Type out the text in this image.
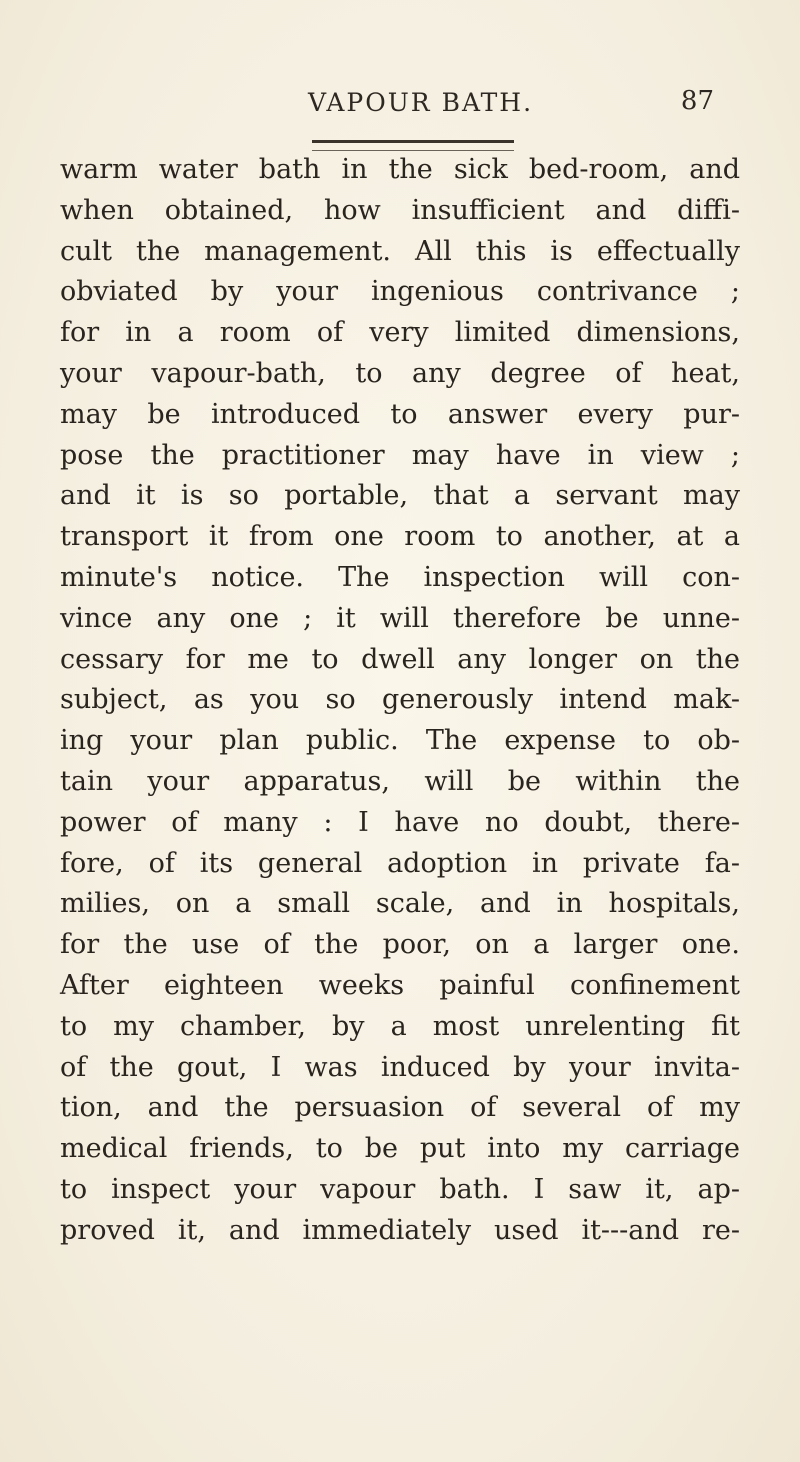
VAPOUR BATH.	87
warm water bath in the sick bed-room, and
when obtained, how insufficient and diffi-
cult the management. All this is effectually
obviated by your ingenious contrivance ;
for in a room of very limited dimensions,
your vapour-bath, to any degree of heat,
may be introduced to answer every pur-
pose the practitioner may have in view ;
and it is so portable, that a servant may
transport it from one room to another, at a
minute's notice. The inspection will con-
vince any one ; it will therefore be unne-
cessary for me to dwell any longer on the
subject, as you so generously intend mak-
ing your plan public. The expense to ob-
tain your apparatus, will be within the
power of many : I have no doubt, there-
fore, of its general adoption in private fa-
milies, on a small scale, and in hospitals,
for the use of the poor, on a larger one.
After eighteen weeks painful confinement
to my chamber, by a most unrelenting fit
of the gout, I was induced by your invita-
tion, and the persuasion of several of my
medical friends, to be put into my carriage
to inspect your vapour bath. I saw it, ap-
proved it, and immediately used it---and re-
